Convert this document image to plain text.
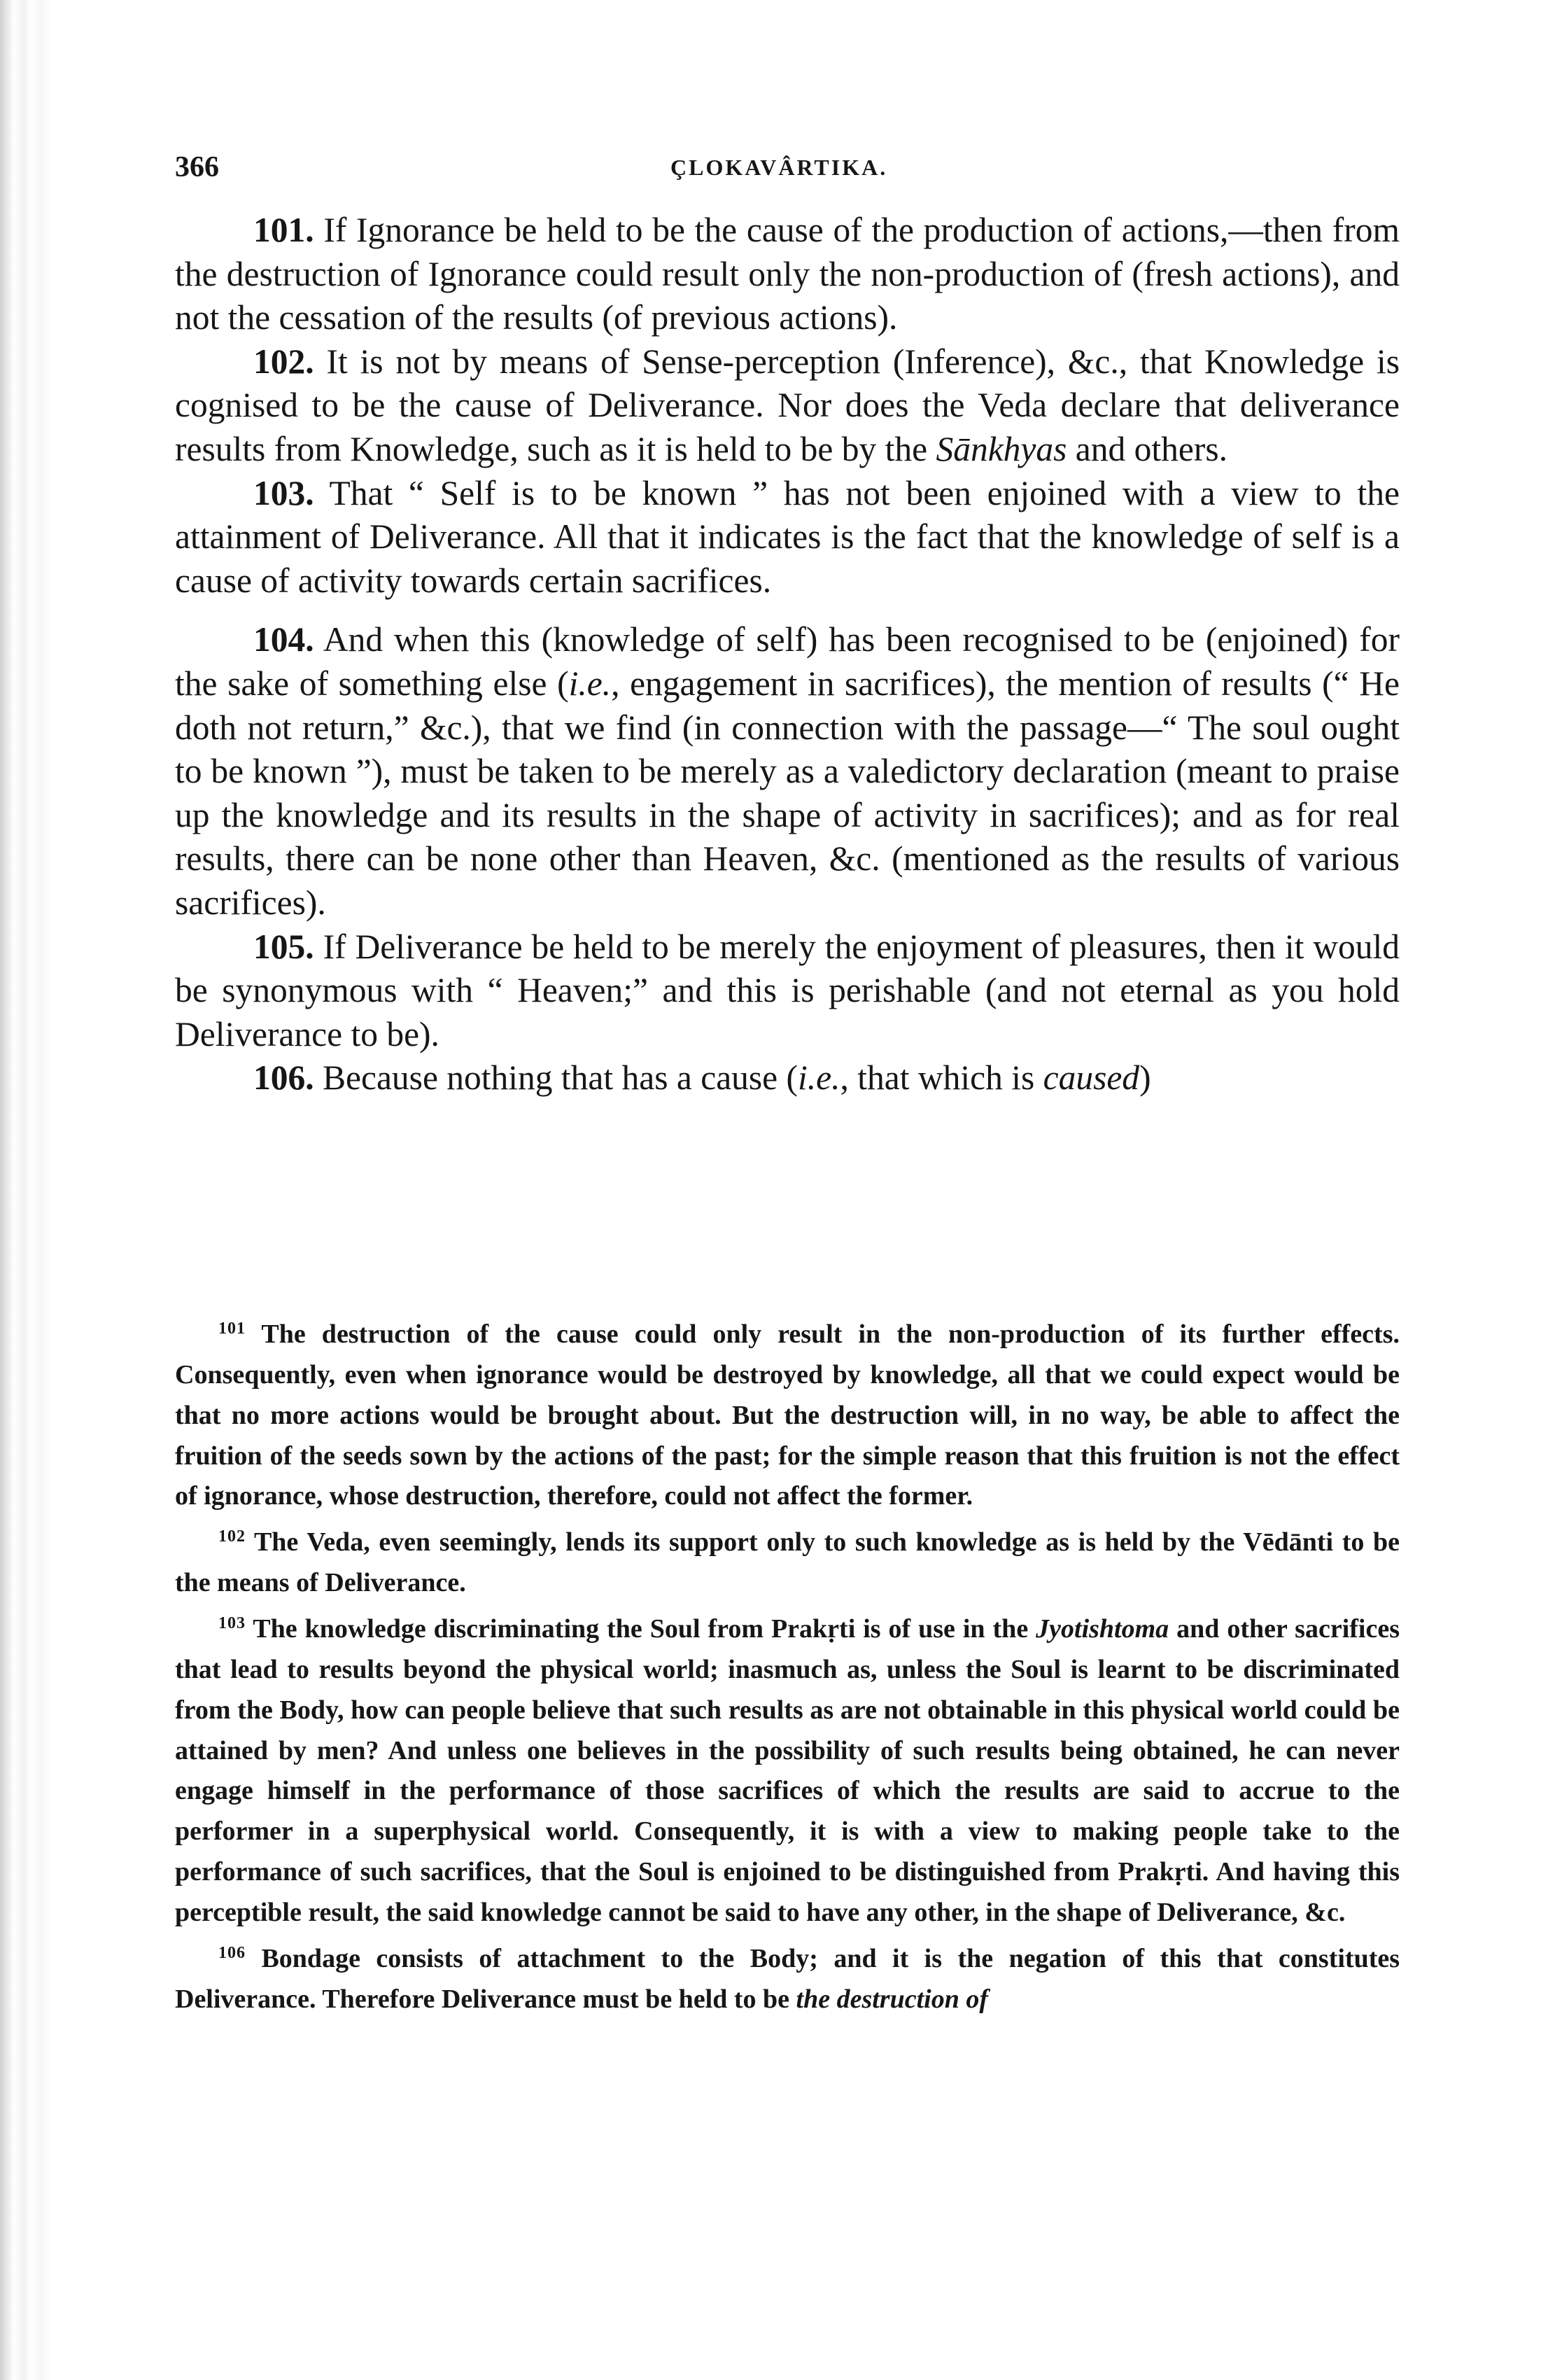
366	ÇLOKAVÂRTIKA.

101. If Ignorance be held to be the cause of the production of actions,—then from the destruction of Ignorance could result only the non-production of (fresh actions), and not the cessation of the results (of previous actions).

102. It is not by means of Sense-perception (Inference), &c., that Knowledge is cognised to be the cause of Deliverance. Nor does the Veda declare that deliverance results from Knowledge, such as it is held to be by the Sānkhyas and others.

103. That “ Self is to be known ” has not been enjoined with a view to the attainment of Deliverance. All that it indicates is the fact that the knowledge of self is a cause of activity towards certain sacrifices.

104. And when this (knowledge of self) has been recognised to be (enjoined) for the sake of something else (i.e., engagement in sacrifices), the mention of results (“ He doth not return,” &c.), that we find (in connection with the passage—“ The soul ought to be known ”), must be taken to be merely as a valedictory declaration (meant to praise up the knowledge and its results in the shape of activity in sacrifices); and as for real results, there can be none other than Heaven, &c. (mentioned as the results of various sacrifices).

105. If Deliverance be held to be merely the enjoyment of pleasures, then it would be synonymous with “ Heaven;” and this is perishable (and not eternal as you hold Deliverance to be).

106. Because nothing that has a cause (i.e., that which is caused)

$^{101}$ The destruction of the cause could only result in the non-production of its further effects. Consequently, even when ignorance would be destroyed by knowledge, all that we could expect would be that no more actions would be brought about. But the destruction will, in no way, be able to affect the fruition of the seeds sown by the actions of the past; for the simple reason that this fruition is not the effect of ignorance, whose destruction, therefore, could not affect the former.

$^{102}$ The Veda, even seemingly, lends its support only to such knowledge as is held by the Vēdānti to be the means of Deliverance.

$^{103}$ The knowledge discriminating the Soul from Prakṛti is of use in the Jyotishtoma and other sacrifices that lead to results beyond the physical world; inasmuch as, unless the Soul is learnt to be discriminated from the Body, how can people believe that such results as are not obtainable in this physical world could be attained by men? And unless one believes in the possibility of such results being obtained, he can never engage himself in the performance of those sacrifices of which the results are said to accrue to the performer in a superphysical world. Consequently, it is with a view to making people take to the performance of such sacrifices, that the Soul is enjoined to be distinguished from Prakṛti. And having this perceptible result, the said knowledge cannot be said to have any other, in the shape of Deliverance, &c.

$^{106}$ Bondage consists of attachment to the Body; and it is the negation of this that constitutes Deliverance. Therefore Deliverance must be held to be the destruction of
